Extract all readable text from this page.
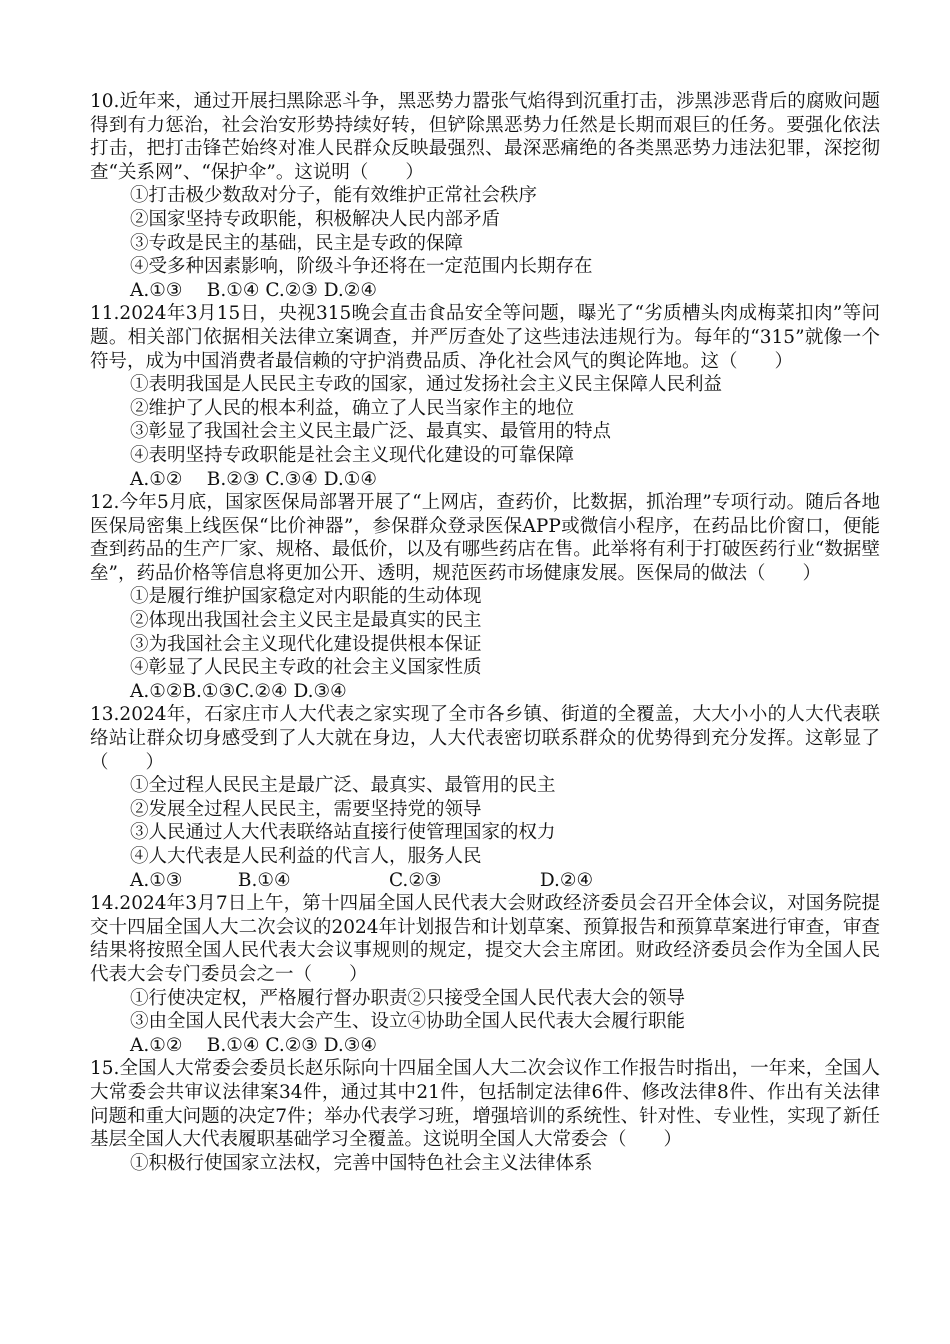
10.近年来，通过开展扫黑除恶斗争，黑恶势力嚣张气焰得到沉重打击，涉黑涉恶背后的腐败问题得到有力惩治，社会治安形势持续好转，但铲除黑恶势力任然是长期而艰巨的任务。要强化依法打击，把打击锋芒始终对准人民群众反映最强烈、最深恶痛绝的各类黑恶势力违法犯罪，深挖彻查“关系网”、“保护伞”。这说明（　　）

①打击极少数敌对分子，能有效维护正常社会秩序

②国家坚持专政职能，积极解决人民内部矛盾

③专政是民主的基础，民主是专政的保障

④受多种因素影响，阶级斗争还将在一定范围内长期存在

A.①③　 B.①④ C.②③ D.②④

11.2024年3月15日，央视315晚会直击食品安全等问题，曝光了“劣质槽头肉成梅菜扣肉”等问题。相关部门依据相关法律立案调查，并严厉查处了这些违法违规行为。每年的“315”就像一个符号，成为中国消费者最信赖的守护消费品质、净化社会风气的舆论阵地。这（　　）

①表明我国是人民民主专政的国家，通过发扬社会主义民主保障人民利益

②维护了人民的根本利益，确立了人民当家作主的地位

③彰显了我国社会主义民主最广泛、最真实、最管用的特点

④表明坚持专政职能是社会主义现代化建设的可靠保障

A.①②　 B.②③ C.③④ D.①④

12.今年5月底，国家医保局部署开展了“上网店，查药价，比数据，抓治理”专项行动。随后各地医保局密集上线医保“比价神器”，参保群众登录医保APP或微信小程序，在药品比价窗口，便能查到药品的生产厂家、规格、最低价，以及有哪些药店在售。此举将有利于打破医药行业“数据壁垒”，药品价格等信息将更加公开、透明，规范医药市场健康发展。医保局的做法（　　）

①是履行维护国家稳定对内职能的生动体现

②体现出我国社会主义民主是最真实的民主

③为我国社会主义现代化建设提供根本保证

④彰显了人民民主专政的社会主义国家性质

A.①②B.①③C.②④ D.③④

13.2024年，石家庄市人大代表之家实现了全市各乡镇、街道的全覆盖，大大小小的人大代表联络站让群众切身感受到了人大就在身边，人大代表密切联系群众的优势得到充分发挥。这彰显了（　　）

①全过程人民民主是最广泛、最真实、最管用的民主

②发展全过程人民民主，需要坚持党的领导

③人民通过人大代表联络站直接行使管理国家的权力

④人大代表是人民利益的代言人，服务人民

A.①③　　　B.①④　　　　　 C.②③　　　　　 D.②④

14.2024年3月7日上午，第十四届全国人民代表大会财政经济委员会召开全体会议，对国务院提交十四届全国人大二次会议的2024年计划报告和计划草案、预算报告和预算草案进行审查，审查结果将按照全国人民代表大会议事规则的规定，提交大会主席团。财政经济委员会作为全国人民代表大会专门委员会之一（　　）

①行使决定权，严格履行督办职责②只接受全国人民代表大会的领导

③由全国人民代表大会产生、设立④协助全国人民代表大会履行职能

A.①②　 B.①④ C.②③ D.③④

15.全国人大常委会委员长赵乐际向十四届全国人大二次会议作工作报告时指出，一年来，全国人大常委会共审议法律案34件，通过其中21件，包括制定法律6件、修改法律8件、作出有关法律问题和重大问题的决定7件；举办代表学习班，增强培训的系统性、针对性、专业性，实现了新任基层全国人大代表履职基础学习全覆盖。这说明全国人大常委会（　　）

①积极行使国家立法权，完善中国特色社会主义法律体系
